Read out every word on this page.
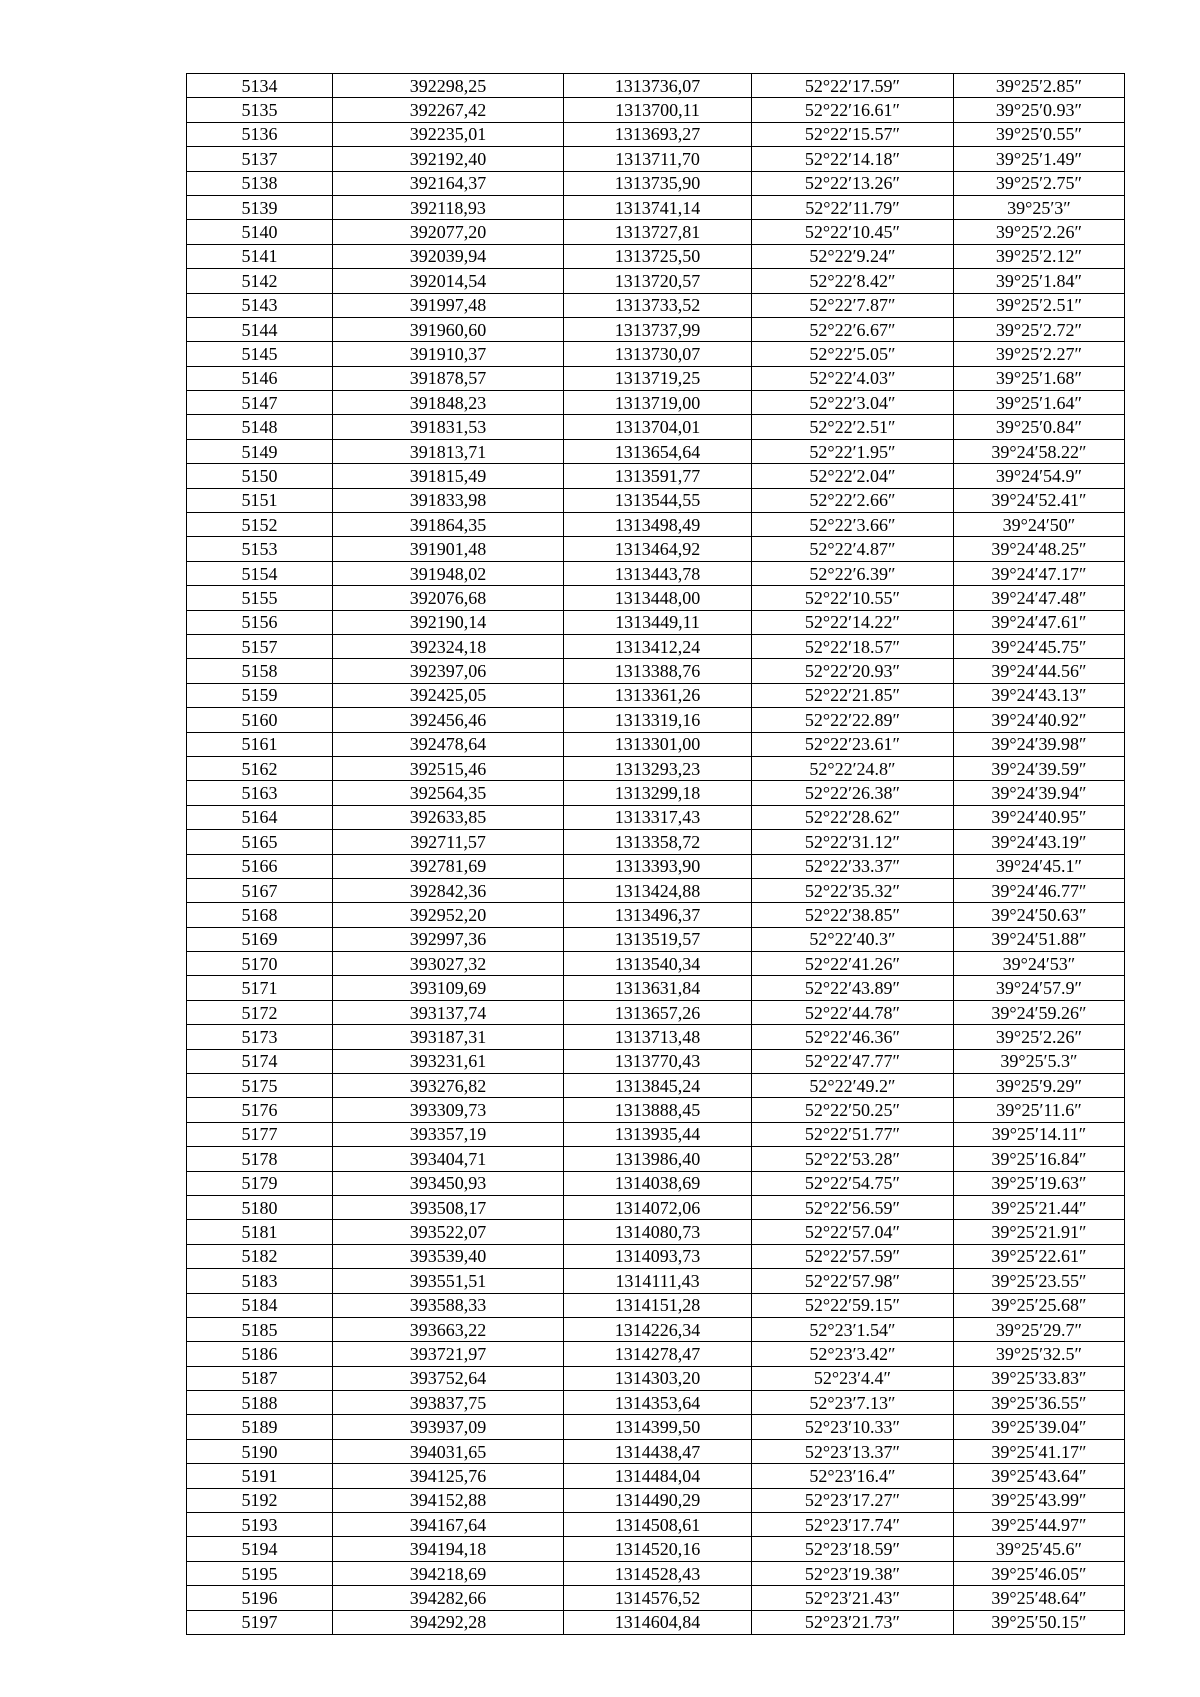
5134	392298,25	1313736,07	52°22′17.59″	39°25′2.85″
5135	392267,42	1313700,11	52°22′16.61″	39°25′0.93″
5136	392235,01	1313693,27	52°22′15.57″	39°25′0.55″
5137	392192,40	1313711,70	52°22′14.18″	39°25′1.49″
5138	392164,37	1313735,90	52°22′13.26″	39°25′2.75″
5139	392118,93	1313741,14	52°22′11.79″	39°25′3″
5140	392077,20	1313727,81	52°22′10.45″	39°25′2.26″
5141	392039,94	1313725,50	52°22′9.24″	39°25′2.12″
5142	392014,54	1313720,57	52°22′8.42″	39°25′1.84″
5143	391997,48	1313733,52	52°22′7.87″	39°25′2.51″
5144	391960,60	1313737,99	52°22′6.67″	39°25′2.72″
5145	391910,37	1313730,07	52°22′5.05″	39°25′2.27″
5146	391878,57	1313719,25	52°22′4.03″	39°25′1.68″
5147	391848,23	1313719,00	52°22′3.04″	39°25′1.64″
5148	391831,53	1313704,01	52°22′2.51″	39°25′0.84″
5149	391813,71	1313654,64	52°22′1.95″	39°24′58.22″
5150	391815,49	1313591,77	52°22′2.04″	39°24′54.9″
5151	391833,98	1313544,55	52°22′2.66″	39°24′52.41″
5152	391864,35	1313498,49	52°22′3.66″	39°24′50″
5153	391901,48	1313464,92	52°22′4.87″	39°24′48.25″
5154	391948,02	1313443,78	52°22′6.39″	39°24′47.17″
5155	392076,68	1313448,00	52°22′10.55″	39°24′47.48″
5156	392190,14	1313449,11	52°22′14.22″	39°24′47.61″
5157	392324,18	1313412,24	52°22′18.57″	39°24′45.75″
5158	392397,06	1313388,76	52°22′20.93″	39°24′44.56″
5159	392425,05	1313361,26	52°22′21.85″	39°24′43.13″
5160	392456,46	1313319,16	52°22′22.89″	39°24′40.92″
5161	392478,64	1313301,00	52°22′23.61″	39°24′39.98″
5162	392515,46	1313293,23	52°22′24.8″	39°24′39.59″
5163	392564,35	1313299,18	52°22′26.38″	39°24′39.94″
5164	392633,85	1313317,43	52°22′28.62″	39°24′40.95″
5165	392711,57	1313358,72	52°22′31.12″	39°24′43.19″
5166	392781,69	1313393,90	52°22′33.37″	39°24′45.1″
5167	392842,36	1313424,88	52°22′35.32″	39°24′46.77″
5168	392952,20	1313496,37	52°22′38.85″	39°24′50.63″
5169	392997,36	1313519,57	52°22′40.3″	39°24′51.88″
5170	393027,32	1313540,34	52°22′41.26″	39°24′53″
5171	393109,69	1313631,84	52°22′43.89″	39°24′57.9″
5172	393137,74	1313657,26	52°22′44.78″	39°24′59.26″
5173	393187,31	1313713,48	52°22′46.36″	39°25′2.26″
5174	393231,61	1313770,43	52°22′47.77″	39°25′5.3″
5175	393276,82	1313845,24	52°22′49.2″	39°25′9.29″
5176	393309,73	1313888,45	52°22′50.25″	39°25′11.6″
5177	393357,19	1313935,44	52°22′51.77″	39°25′14.11″
5178	393404,71	1313986,40	52°22′53.28″	39°25′16.84″
5179	393450,93	1314038,69	52°22′54.75″	39°25′19.63″
5180	393508,17	1314072,06	52°22′56.59″	39°25′21.44″
5181	393522,07	1314080,73	52°22′57.04″	39°25′21.91″
5182	393539,40	1314093,73	52°22′57.59″	39°25′22.61″
5183	393551,51	1314111,43	52°22′57.98″	39°25′23.55″
5184	393588,33	1314151,28	52°22′59.15″	39°25′25.68″
5185	393663,22	1314226,34	52°23′1.54″	39°25′29.7″
5186	393721,97	1314278,47	52°23′3.42″	39°25′32.5″
5187	393752,64	1314303,20	52°23′4.4″	39°25′33.83″
5188	393837,75	1314353,64	52°23′7.13″	39°25′36.55″
5189	393937,09	1314399,50	52°23′10.33″	39°25′39.04″
5190	394031,65	1314438,47	52°23′13.37″	39°25′41.17″
5191	394125,76	1314484,04	52°23′16.4″	39°25′43.64″
5192	394152,88	1314490,29	52°23′17.27″	39°25′43.99″
5193	394167,64	1314508,61	52°23′17.74″	39°25′44.97″
5194	394194,18	1314520,16	52°23′18.59″	39°25′45.6″
5195	394218,69	1314528,43	52°23′19.38″	39°25′46.05″
5196	394282,66	1314576,52	52°23′21.43″	39°25′48.64″
5197	394292,28	1314604,84	52°23′21.73″	39°25′50.15″
